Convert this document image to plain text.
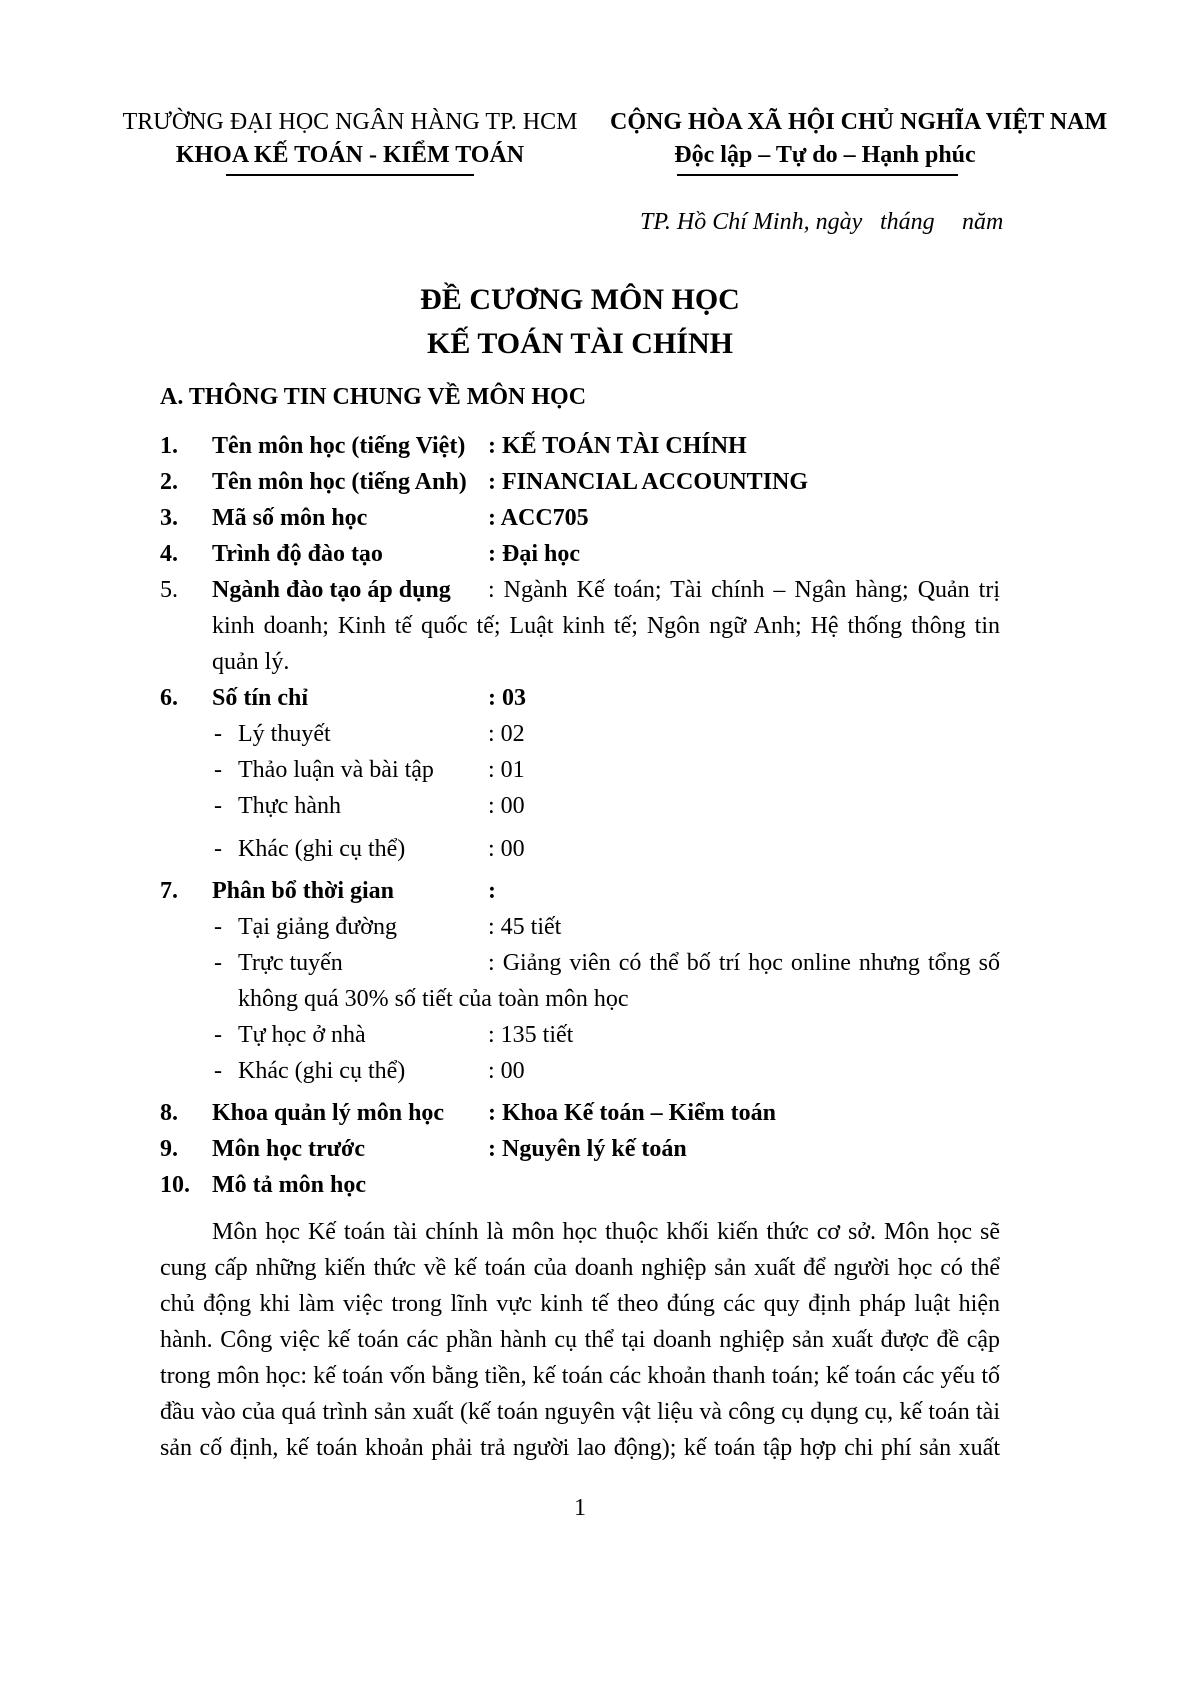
TRƯỜNG ĐẠI HỌC NGÂN HÀNG TP. HCM
KHOA KẾ TOÁN - KIỂM TOÁN
CỘNG HÒA XÃ HỘI CHỦ NGHĨA VIỆT NAM
Độc lập – Tự do – Hạnh phúc
TP. Hồ Chí Minh, ngày tháng năm
ĐỀ CƯƠNG MÔN HỌC
KẾ TOÁN TÀI CHÍNH
A. THÔNG TIN CHUNG VỀ MÔN HỌC
1. Tên môn học (tiếng Việt) : KẾ TOÁN TÀI CHÍNH
2. Tên môn học (tiếng Anh) : FINANCIAL ACCOUNTING
3. Mã số môn học	: ACC705
4. Trình độ đào tạo	: Đại học
5. Ngành đào tạo áp dụng : Ngành Kế toán; Tài chính – Ngân hàng; Quản trị
kinh doanh; Kinh tế quốc tế; Luật kinh tế; Ngôn ngữ Anh; Hệ thống thông tin
quản lý.
6. Số tín chỉ	: 03
- Lý thuyết	: 02
- Thảo luận và bài tập : 01
- Thực hành	: 00
- Khác (ghi cụ thể)	: 00
7. Phân bổ thời gian	:
- Tại giảng đường	: 45 tiết
- Trực tuyến	: Giảng viên có thể bố trí học online nhưng tổng số
không quá 30% số tiết của toàn môn học
- Tự học ở nhà	: 135 tiết
- Khác (ghi cụ thể)	: 00
8. Khoa quản lý môn học : Khoa Kế toán – Kiểm toán
9. Môn học trước	: Nguyên lý kế toán
10. Mô tả môn học
Môn học Kế toán tài chính là môn học thuộc khối kiến thức cơ sở. Môn học sẽ
cung cấp những kiến thức về kế toán của doanh nghiệp sản xuất để người học có thể
chủ động khi làm việc trong lĩnh vực kinh tế theo đúng các quy định pháp luật hiện
hành. Công việc kế toán các phần hành cụ thể tại doanh nghiệp sản xuất được đề cập
trong môn học: kế toán vốn bằng tiền, kế toán các khoản thanh toán; kế toán các yếu tố
đầu vào của quá trình sản xuất (kế toán nguyên vật liệu và công cụ dụng cụ, kế toán tài
sản cố định, kế toán khoản phải trả người lao động); kế toán tập hợp chi phí sản xuất
1
